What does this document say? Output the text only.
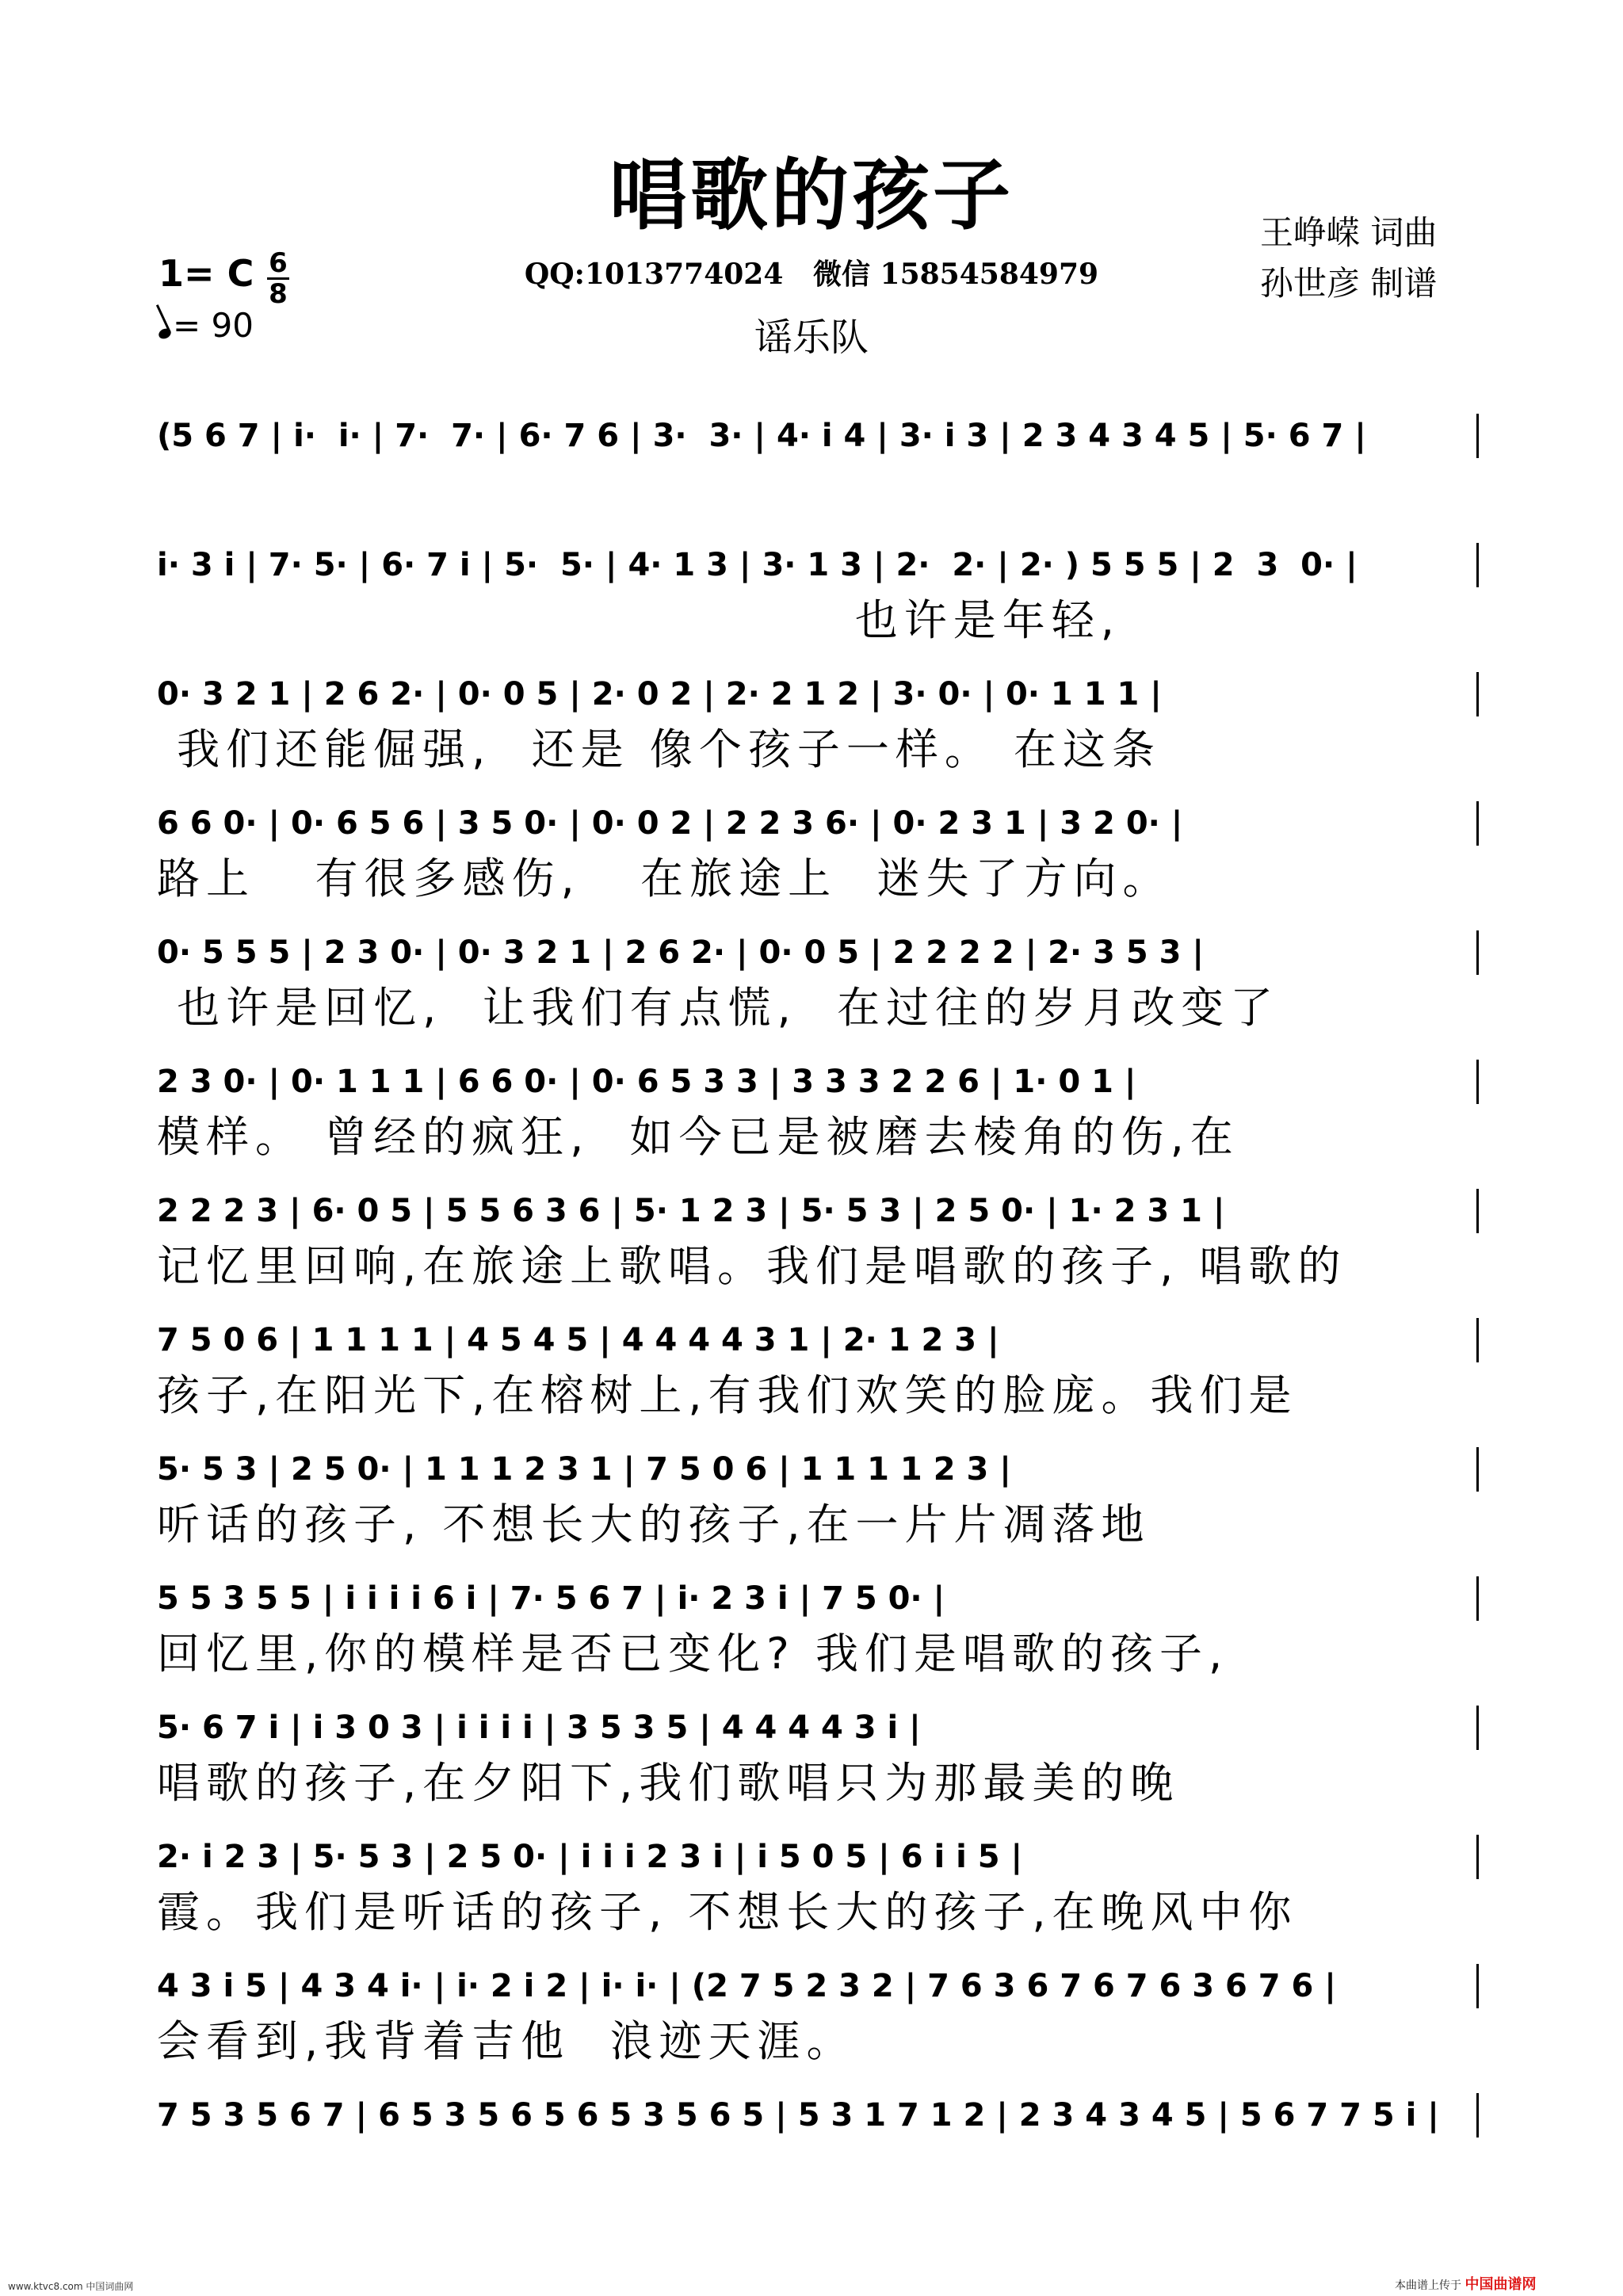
唱歌的孩子	王峥嵘 词曲
孙世彦 制谱
1= C 6
8
= 90
QQ:1013774024   微信 15854584979
谣乐队
(5 6 7 | i·  i· | 7·  7· | 6· 7 6 | 3·  3· | 4· i 4 | 3· i 3 | 2 3 4 3 4 5 | 5· 6 7 |
i· 3 i | 7· 5· | 6· 7 i | 5·  5· | 4· 1 3 | 3· 1 3 | 2·  2· | 2· ) 5 5 5 | 2  3  0· |
也许是年轻,
0· 3 2 1 | 2 6 2· | 0· 0 5 | 2· 0 2 | 2· 2 1 2 | 3· 0· | 0· 1 1 1 |
我们还能倔强,  还是 像个孩子一样。 在这条
6 6 0· | 0· 6 5 6 | 3 5 0· | 0· 0 2 | 2 2 3 6· | 0· 2 3 1 | 3 2 0· |
路上   有很多感伤,   在旅途上  迷失了方向。
0· 5 5 5 | 2 3 0· | 0· 3 2 1 | 2 6 2· | 0· 0 5 | 2 2 2 2 | 2· 3 5 3 |
也许是回忆,  让我们有点慌,  在过往的岁月改变了
2 3 0· | 0· 1 1 1 | 6 6 0· | 0· 6 5 3 3 | 3 3 3 2 2 6 | 1· 0 1 |
模样。 曾经的疯狂,  如今已是被磨去棱角的伤,在
2 2 2 3 | 6· 0 5 | 5 5 6 3 6 | 5· 1 2 3 | 5· 5 3 | 2 5 0· | 1· 2 3 1 |
记忆里回响,在旅途上歌唱。我们是唱歌的孩子, 唱歌的
7 5 0 6 | 1 1 1 1 | 4 5 4 5 | 4 4 4 4 3 1 | 2· 1 2 3 |
孩子,在阳光下,在榕树上,有我们欢笑的脸庞。我们是
5· 5 3 | 2 5 0· | 1 1 1 2 3 1 | 7 5 0 6 | 1 1 1 1 2 3 |
听话的孩子, 不想长大的孩子,在一片片凋落地
5 5 3 5 5 | i i i i 6 i | 7· 5 6 7 | i· 2 3 i | 7 5 0· |
回忆里,你的模样是否已变化? 我们是唱歌的孩子,
5· 6 7 i | i 3 0 3 | i i i i | 3 5 3 5 | 4 4 4 4 3 i |
唱歌的孩子,在夕阳下,我们歌唱只为那最美的晚
2· i 2 3 | 5· 5 3 | 2 5 0· | i i i 2 3 i | i 5 0 5 | 6 i i 5 |
霞。我们是听话的孩子, 不想长大的孩子,在晚风中你
4 3 i 5 | 4 3 4 i· | i· 2 i 2 | i· i· | (2 7 5 2 3 2 | 7 6 3 6 7 6 7 6 3 6 7 6 |
会看到,我背着吉他  浪迹天涯。
7 5 3 5 6 7 | 6 5 3 5 6 5 6 5 3 5 6 5 | 5 3 1 7 1 2 | 2 3 4 3 4 5 | 5 6 7 7 5 i |
www.ktvc8.com 中国词曲网	本曲谱上传于 中国曲谱网
